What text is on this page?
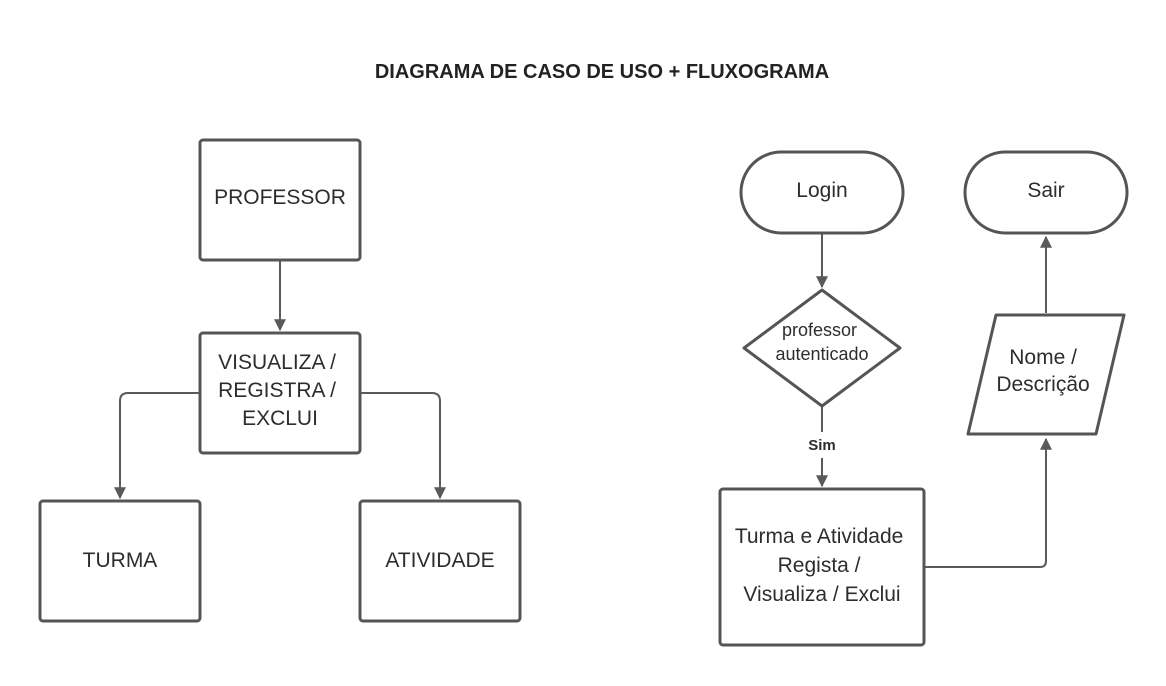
DIAGRAMA DE CASO DE USO + FLUXOGRAMA
PROFESSOR
VISUALIZA / REGISTRA / EXCLUI
TURMA	ATIVIDADE
Login
professor autenticado
Sim
Turma e Atividade Regista / Visualiza / Exclui
Nome / Descrição
Sair
